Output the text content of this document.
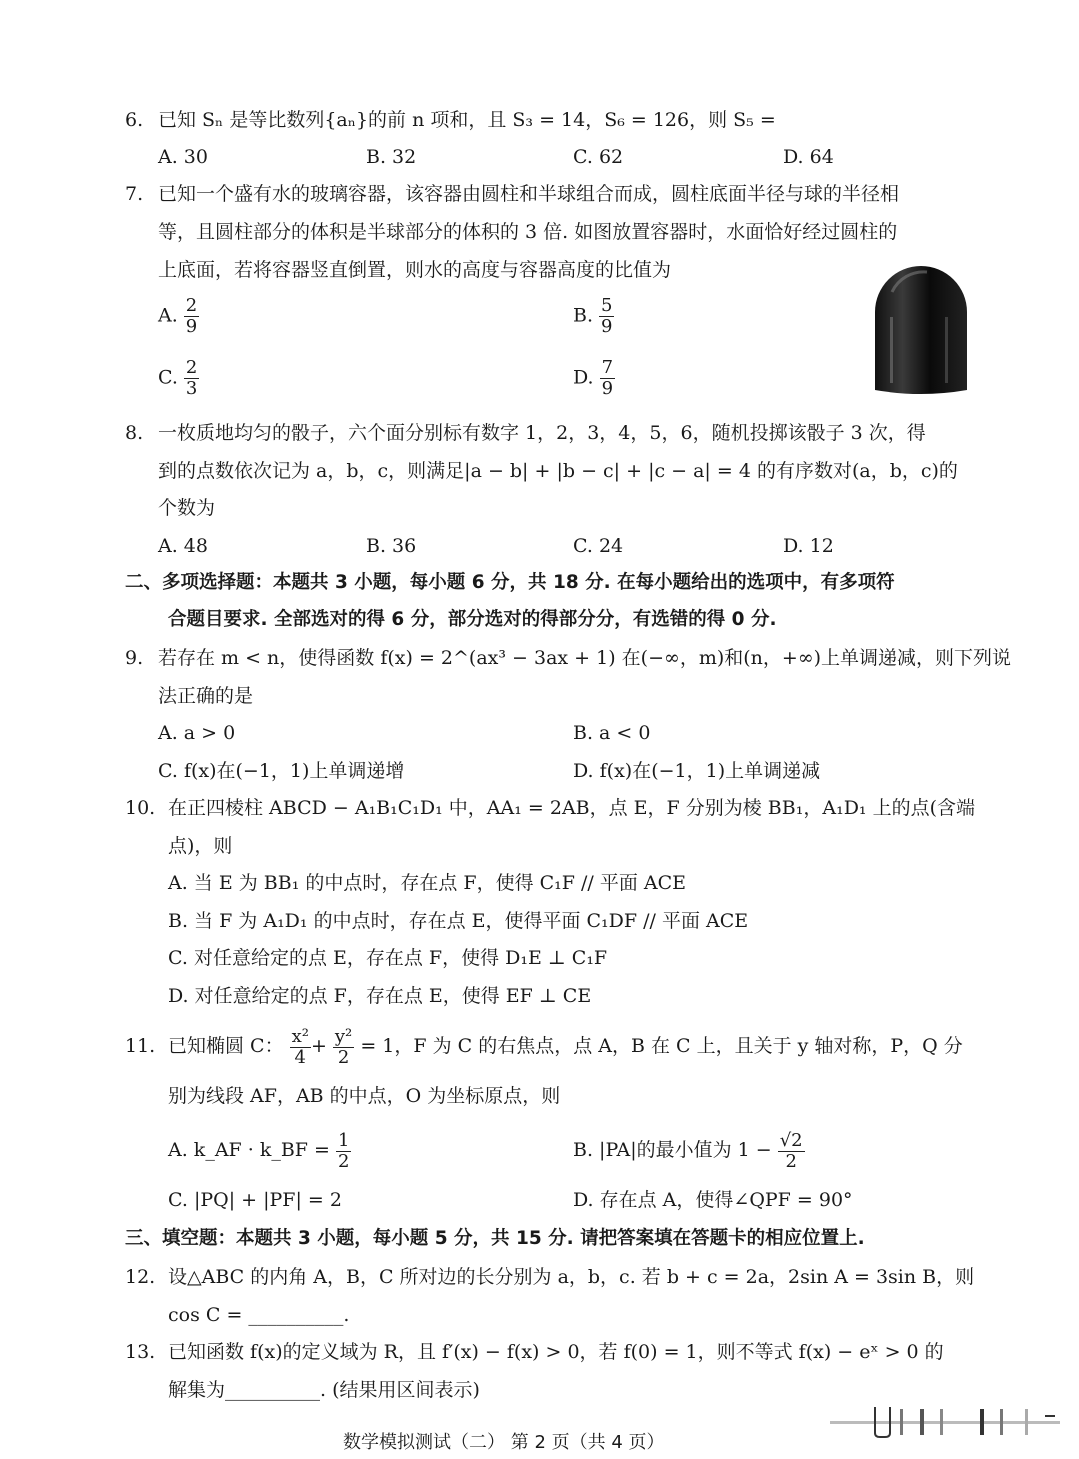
6. 已知 Sₙ 是等比数列{aₙ}的前 n 项和，且 S₃ = 14，S₆ = 126，则 S₅ =
A. 30	B. 32	C. 62	D. 64
7. 已知一个盛有水的玻璃容器，该容器由圆柱和半球组合而成，圆柱底面半径与球的半径相
等，且圆柱部分的体积是半球部分的体积的 3 倍. 如图放置容器时，水面恰好经过圆柱的
上底面，若将容器竖直倒置，则水的高度与容器高度的比值为
A. $\frac{2}{9}$	B. $\frac{5}{9}$
C. $\frac{2}{3}$	D. $\frac{7}{9}$
8. 一枚质地均匀的骰子，六个面分别标有数字 1，2，3，4，5，6，随机投掷该骰子 3 次，得
到的点数依次记为 a，b，c，则满足|a − b| + |b − c| + |c − a| = 4 的有序数对(a，b，c)的
个数为
A. 48	B. 36	C. 24	D. 12
二、多项选择题：本题共 3 小题，每小题 6 分，共 18 分. 在每小题给出的选项中，有多项符
合题目要求. 全部选对的得 6 分，部分选对的得部分分，有选错的得 0 分.
9. 若存在 m < n，使得函数 f(x) = 2^(ax³ − 3ax + 1) 在(−∞，m)和(n，+∞)上单调递减，则下列说
法正确的是
A. a > 0	B. a < 0
C. f(x)在(−1，1)上单调递增	D. f(x)在(−1，1)上单调递减
10. 在正四棱柱 ABCD − A₁B₁C₁D₁ 中，AA₁ = 2AB，点 E，F 分别为棱 BB₁，A₁D₁ 上的点(含端
点)，则
A. 当 E 为 BB₁ 的中点时，存在点 F，使得 C₁F // 平面 ACE
B. 当 F 为 A₁D₁ 的中点时，存在点 E，使得平面 C₁DF // 平面 ACE
C. 对任意给定的点 E，存在点 F，使得 D₁E ⊥ C₁F
D. 对任意给定的点 F，存在点 E，使得 EF ⊥ CE
11. 已知椭圆 C： $\frac{\text{x²}}{4} + \frac{\text{y²}}{2} = 1$，F 为 C 的右焦点，点 A，B 在 C 上，且关于 y 轴对称，P，Q 分
别为线段 AF，AB 的中点，O 为坐标原点，则
A. k_AF · k_BF = $\frac{1}{2}$	B. |PA|的最小值为 $1 - \frac{√2}{2}$
C. |PQ| + |PF| = 2	D. 存在点 A，使得∠QPF = 90°
三、填空题：本题共 3 小题，每小题 5 分，共 15 分. 请把答案填在答题卡的相应位置上.
12. 设△ABC 的内角 A，B，C 所对边的长分别为 a，b，c. 若 b + c = 2a，2sin A = 3sin B，则
cos C = __________.
13. 已知函数 f(x)的定义域为 R，且 f′(x) − f(x) > 0，若 f(0) = 1，则不等式 f(x) − eˣ > 0 的
解集为__________. (结果用区间表示)
数学模拟测试（二） 第 2 页（共 4 页）
